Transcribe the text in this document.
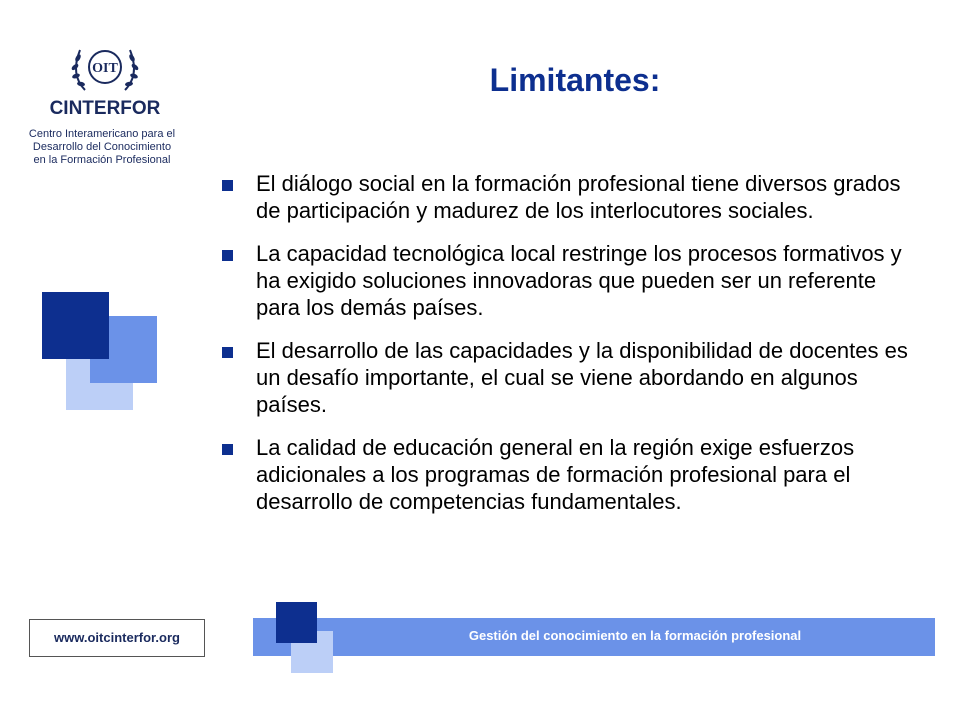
OIT
CINTERFOR
Centro Interamericano para el
Desarrollo del Conocimiento
en la Formación Profesional
Limitantes:
El diálogo social en la formación profesional tiene diversos grados de participación y madurez de los interlocutores sociales.
La capacidad tecnológica local restringe los procesos formativos y ha exigido soluciones innovadoras que pueden ser un referente para los demás países.
El desarrollo de las capacidades y la disponibilidad de docentes es un desafío importante, el cual se viene abordando en algunos países.
La calidad de educación general en la región exige esfuerzos adicionales a los programas de formación profesional para el desarrollo de competencias fundamentales.
www.oitcinterfor.org	Gestión del conocimiento en la formación profesional
